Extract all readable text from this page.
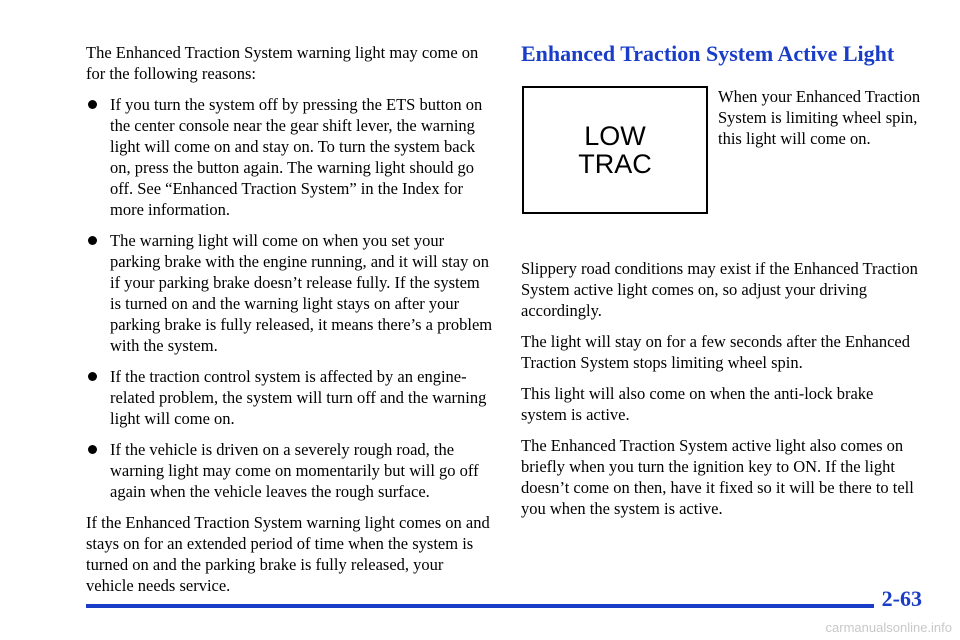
The Enhanced Traction System warning light may come on for the following reasons:

If you turn the system off by pressing the ETS button on the center console near the gear shift lever, the warning light will come on and stay on. To turn the system back on, press the button again. The warning light should go off. See “Enhanced Traction System” in the Index for more information.
The warning light will come on when you set your parking brake with the engine running, and it will stay on if your parking brake doesn’t release fully. If the system is turned on and the warning light stays on after your parking brake is fully released, it means there’s a problem with the system.
If the traction control system is affected by an engine-related problem, the system will turn off and the warning light will come on.
If the vehicle is driven on a severely rough road, the warning light may come on momentarily but will go off again when the vehicle leaves the rough surface.

If the Enhanced Traction System warning light comes on and stays on for an extended period of time when the system is turned on and the parking brake is fully released, your vehicle needs service.

Enhanced Traction System Active Light
LOW
TRAC

When your Enhanced Traction System is limiting wheel spin, this light will come on.

Slippery road conditions may exist if the Enhanced Traction System active light comes on, so adjust your driving accordingly.

The light will stay on for a few seconds after the Enhanced Traction System stops limiting wheel spin.

This light will also come on when the anti-lock brake system is active.

The Enhanced Traction System active light also comes on briefly when you turn the ignition key to ON. If the light doesn’t come on then, have it fixed so it will be there to tell you when the system is active.

2-63
carmanualsonline.info
